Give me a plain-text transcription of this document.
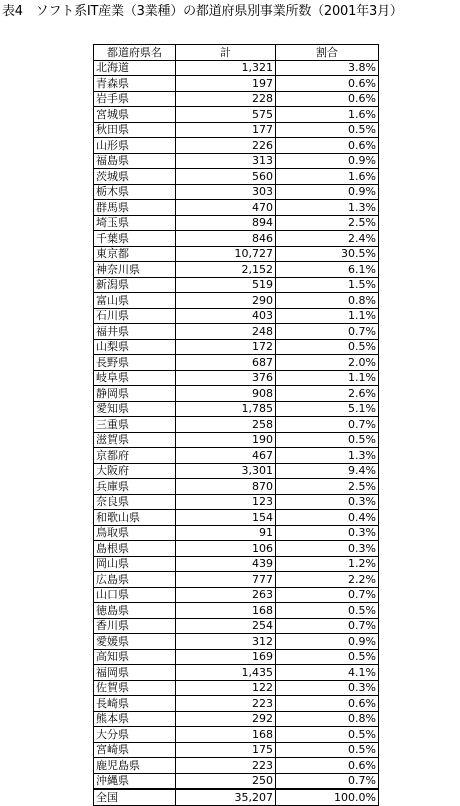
表4　ソフト系IT産業（3業種）の都道府県別事業所数（2001年3月）
都道府県名	計	割合
北海道	1,321	3.8%
青森県	197	0.6%
岩手県	228	0.6%
宮城県	575	1.6%
秋田県	177	0.5%
山形県	226	0.6%
福島県	313	0.9%
茨城県	560	1.6%
栃木県	303	0.9%
群馬県	470	1.3%
埼玉県	894	2.5%
千葉県	846	2.4%
東京都	10,727	30.5%
神奈川県	2,152	6.1%
新潟県	519	1.5%
富山県	290	0.8%
石川県	403	1.1%
福井県	248	0.7%
山梨県	172	0.5%
長野県	687	2.0%
岐阜県	376	1.1%
静岡県	908	2.6%
愛知県	1,785	5.1%
三重県	258	0.7%
滋賀県	190	0.5%
京都府	467	1.3%
大阪府	3,301	9.4%
兵庫県	870	2.5%
奈良県	123	0.3%
和歌山県	154	0.4%
鳥取県	91	0.3%
島根県	106	0.3%
岡山県	439	1.2%
広島県	777	2.2%
山口県	263	0.7%
徳島県	168	0.5%
香川県	254	0.7%
愛媛県	312	0.9%
高知県	169	0.5%
福岡県	1,435	4.1%
佐賀県	122	0.3%
長崎県	223	0.6%
熊本県	292	0.8%
大分県	168	0.5%
宮崎県	175	0.5%
鹿児島県	223	0.6%
沖縄県	250	0.7%
全国	35,207	100.0%
